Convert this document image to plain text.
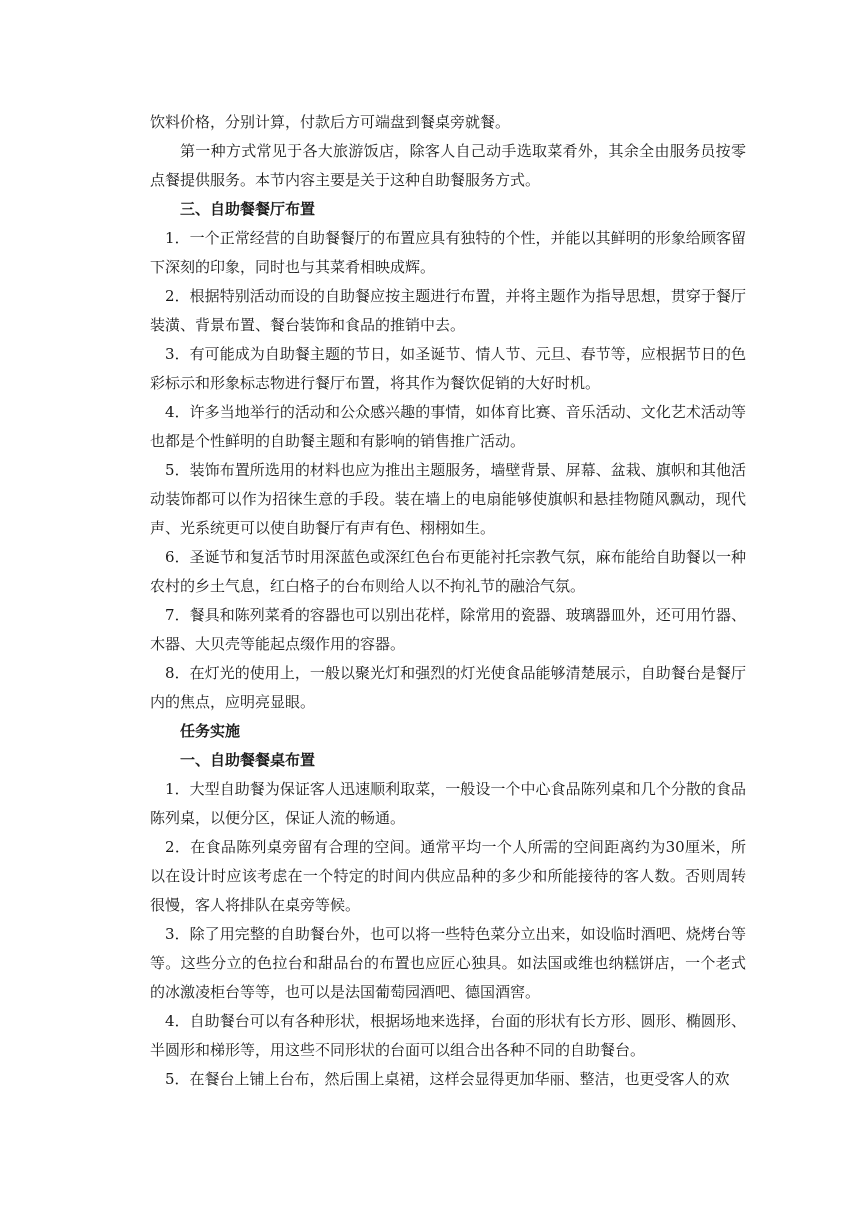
饮料价格，分别计算，付款后方可端盘到餐桌旁就餐。

第一种方式常见于各大旅游饭店，除客人自己动手选取菜肴外，其余全由服务员按零点餐提供服务。本节内容主要是关于这种自助餐服务方式。

三、自助餐餐厅布置

1．一个正常经营的自助餐餐厅的布置应具有独特的个性，并能以其鲜明的形象给顾客留下深刻的印象，同时也与其菜肴相映成辉。

2．根据特别活动而设的自助餐应按主题进行布置，并将主题作为指导思想，贯穿于餐厅装潢、背景布置、餐台装饰和食品的推销中去。

3．有可能成为自助餐主题的节日，如圣诞节、情人节、元旦、春节等，应根据节日的色彩标示和形象标志物进行餐厅布置，将其作为餐饮促销的大好时机。

4．许多当地举行的活动和公众感兴趣的事情，如体育比赛、音乐活动、文化艺术活动等也都是个性鲜明的自助餐主题和有影响的销售推广活动。

5．装饰布置所选用的材料也应为推出主题服务，墙壁背景、屏幕、盆栽、旗帜和其他活动装饰都可以作为招徕生意的手段。装在墙上的电扇能够使旗帜和悬挂物随风飘动，现代声、光系统更可以使自助餐厅有声有色、栩栩如生。

6．圣诞节和复活节时用深蓝色或深红色台布更能衬托宗教气氛，麻布能给自助餐以一种农村的乡土气息，红白格子的台布则给人以不拘礼节的融洽气氛。

7．餐具和陈列菜肴的容器也可以别出花样，除常用的瓷器、玻璃器皿外，还可用竹器、木器、大贝壳等能起点缀作用的容器。

8．在灯光的使用上，一般以聚光灯和强烈的灯光使食品能够清楚展示，自助餐台是餐厅内的焦点，应明亮显眼。

任务实施

一、自助餐餐桌布置

1．大型自助餐为保证客人迅速顺利取菜，一般设一个中心食品陈列桌和几个分散的食品陈列桌，以便分区，保证人流的畅通。

2．在食品陈列桌旁留有合理的空间。通常平均一个人所需的空间距离约为30厘米，所以在设计时应该考虑在一个特定的时间内供应品种的多少和所能接待的客人数。否则周转很慢，客人将排队在桌旁等候。

3．除了用完整的自助餐台外，也可以将一些特色菜分立出来，如设临时酒吧、烧烤台等等。这些分立的色拉台和甜品台的布置也应匠心独具。如法国或维也纳糕饼店，一个老式的冰激凌柜台等等，也可以是法国葡萄园酒吧、德国酒窖。

4．自助餐台可以有各种形状，根据场地来选择，台面的形状有长方形、圆形、椭圆形、半圆形和梯形等，用这些不同形状的台面可以组合出各种不同的自助餐台。

5．在餐台上铺上台布，然后围上桌裙，这样会显得更加华丽、整洁，也更受客人的欢
